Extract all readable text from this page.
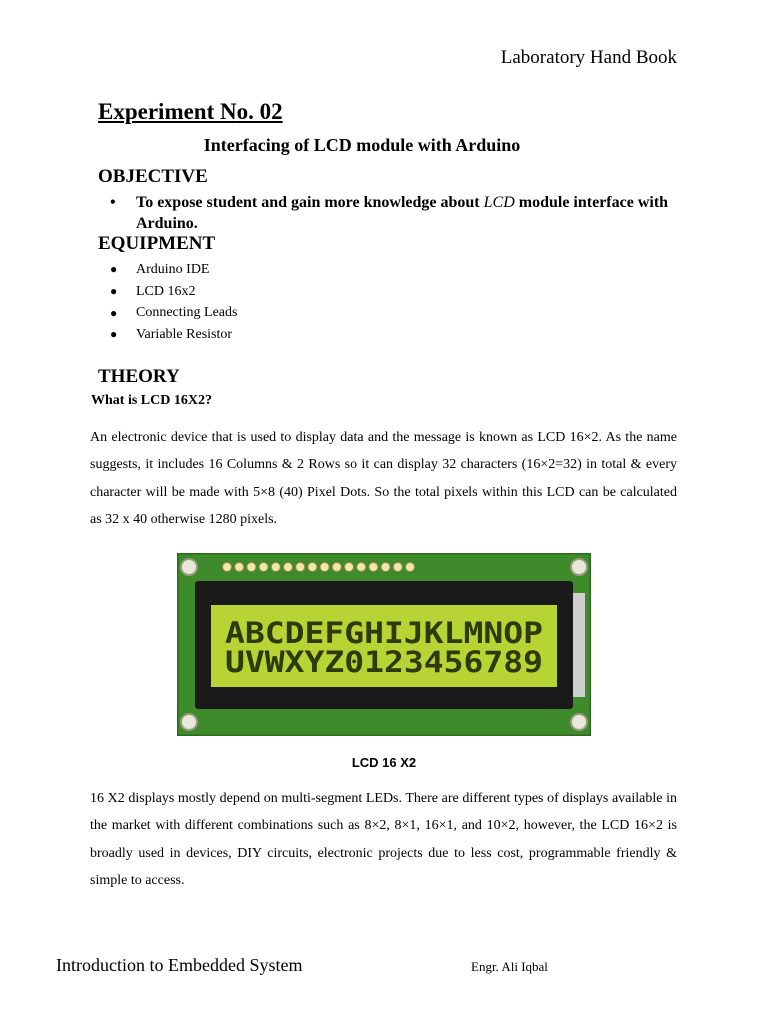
Laboratory Hand Book
Experiment No. 02
Interfacing of LCD module with Arduino
OBJECTIVE
•	To expose student and gain more knowledge about LCD module interface with Arduino.
EQUIPMENT
●	Arduino IDE
●	LCD 16x2
●	Connecting Leads
●	Variable Resistor
THEORY
What is LCD 16X2?
An electronic device that is used to display data and the message is known as LCD 16×2. As the name suggests, it includes 16 Columns & 2 Rows so it can display 32 characters (16×2=32) in total & every character will be made with 5×8 (40) Pixel Dots. So the total pixels within this LCD can be calculated as 32 x 40 otherwise 1280 pixels.
ABCDEFGHIJKLMNOP
UVWXYZ0123456789
LCD 16 X2
16 X2 displays mostly depend on multi-segment LEDs. There are different types of displays available in the market with different combinations such as 8×2, 8×1, 16×1, and 10×2, however, the LCD 16×2 is broadly used in devices, DIY circuits, electronic projects due to less cost, programmable friendly & simple to access.
Introduction to Embedded System	Engr. Ali Iqbal
